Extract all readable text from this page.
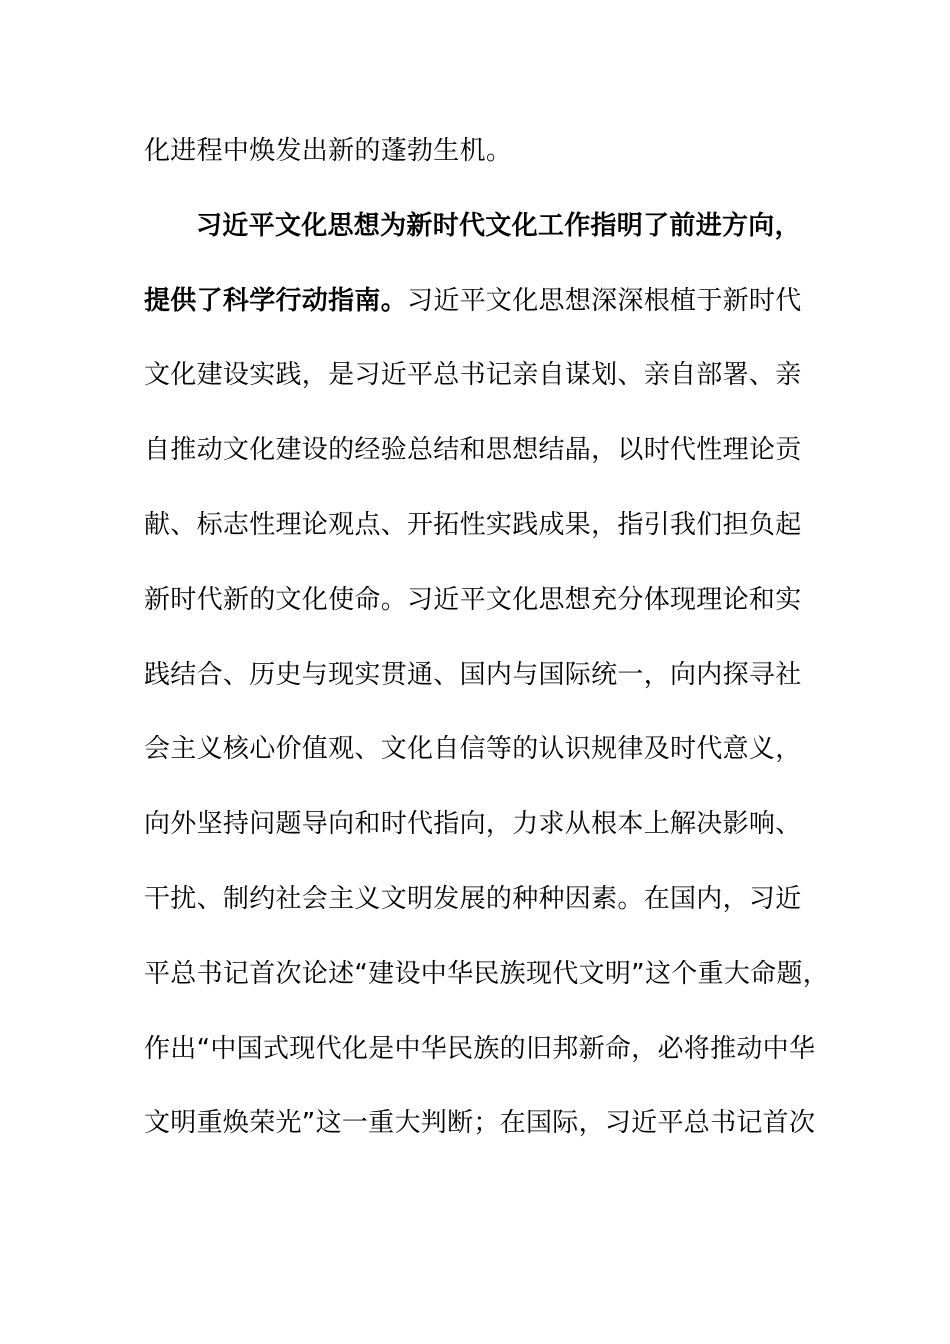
化进程中焕发出新的蓬勃生机。
习近平文化思想为新时代文化工作指明了前进方向，
提供了科学行动指南。习近平文化思想深深根植于新时代
文化建设实践，是习近平总书记亲自谋划、亲自部署、亲
自推动文化建设的经验总结和思想结晶，以时代性理论贡
献、标志性理论观点、开拓性实践成果，指引我们担负起
新时代新的文化使命。习近平文化思想充分体现理论和实
践结合、历史与现实贯通、国内与国际统一，向内探寻社
会主义核心价值观、文化自信等的认识规律及时代意义，
向外坚持问题导向和时代指向，力求从根本上解决影响、
干扰、制约社会主义文明发展的种种因素。在国内，习近
平总书记首次论述“建设中华民族现代文明”这个重大命题，
作出“中国式现代化是中华民族的旧邦新命，必将推动中华
文明重焕荣光”这一重大判断；在国际，习近平总书记首次
